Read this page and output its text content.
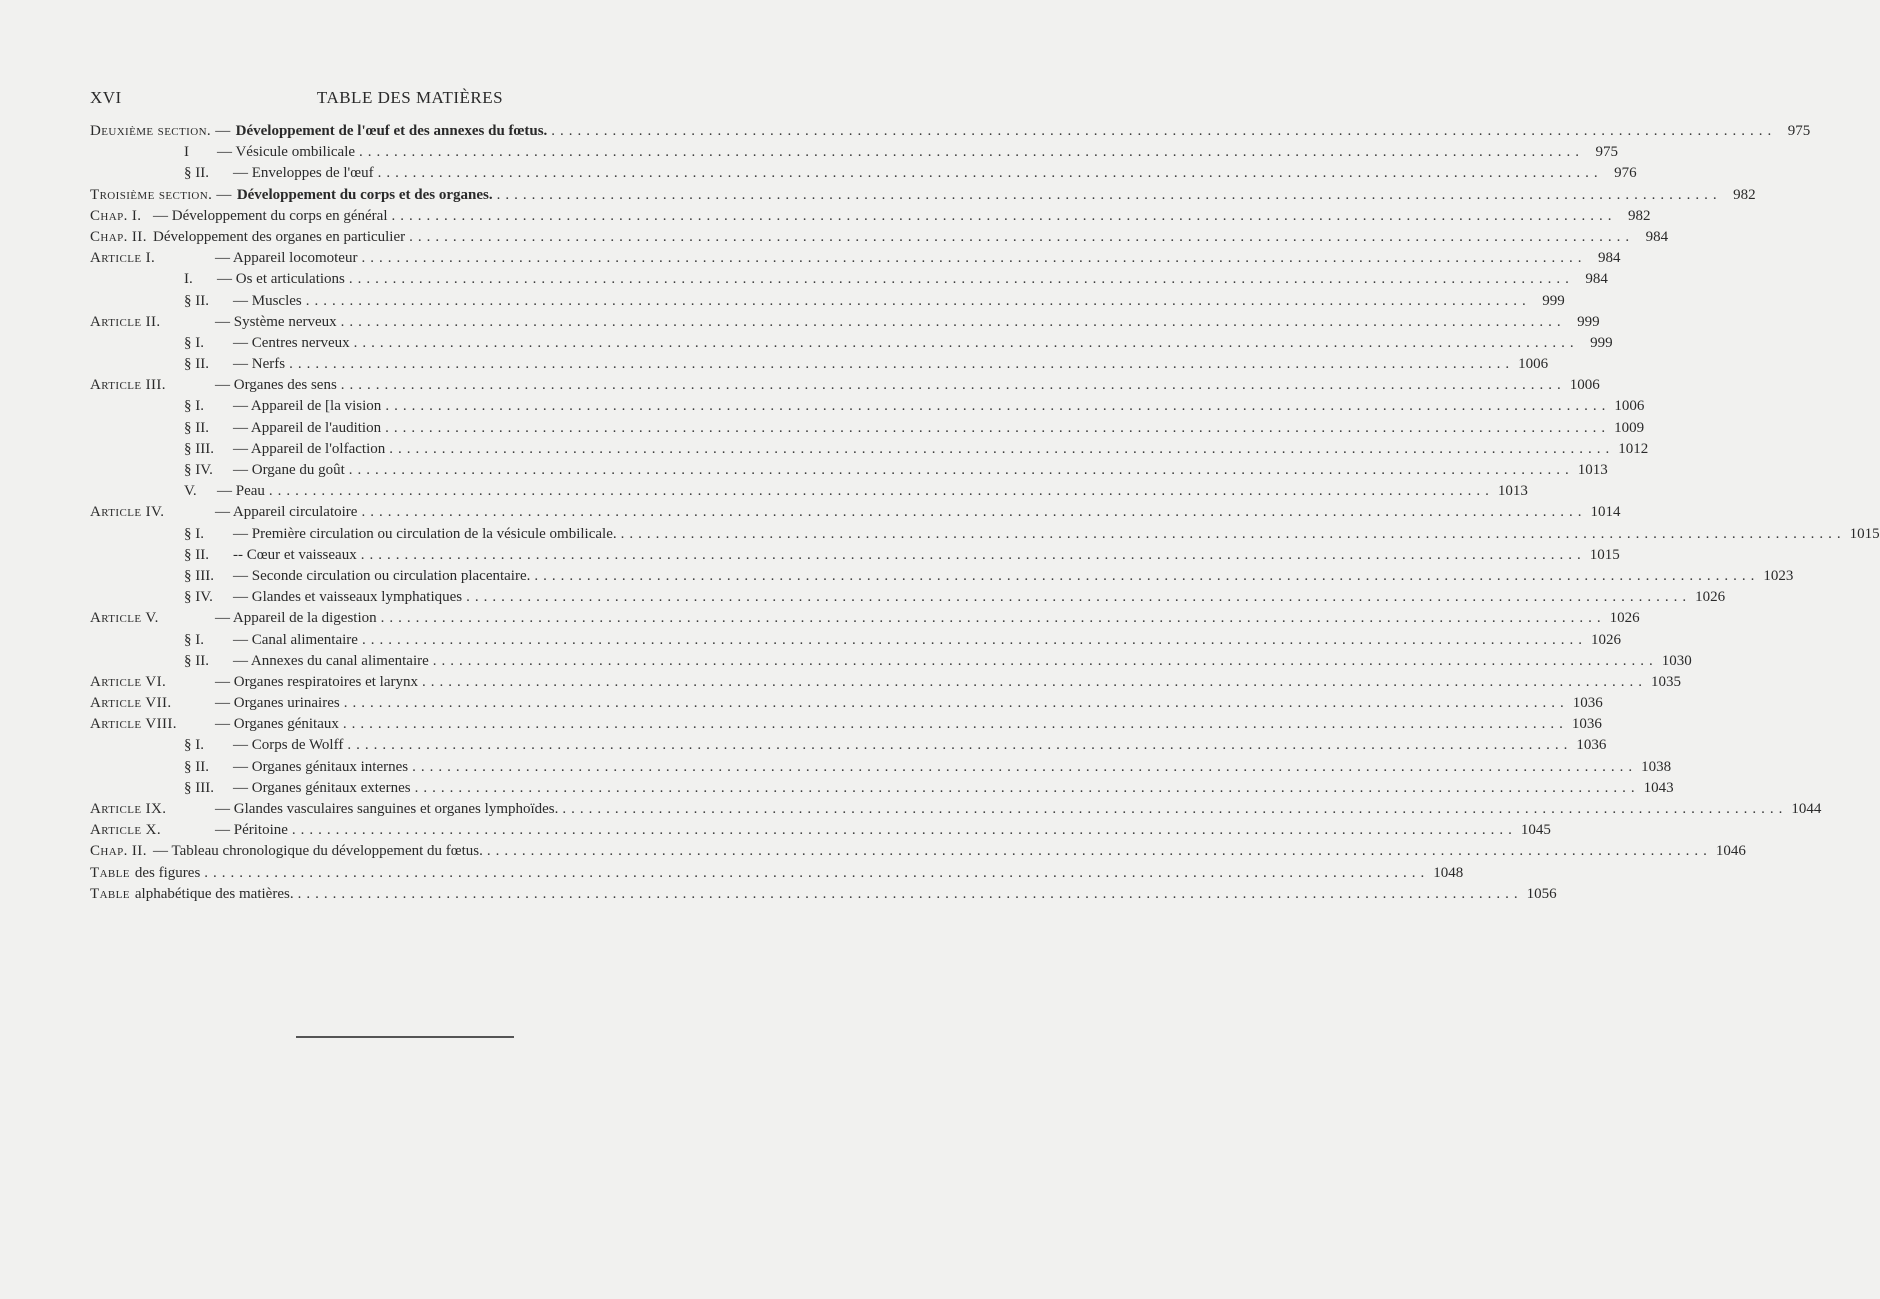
XVI	TABLE DES MATIÈRES
Deuxième section. — Développement de l'œuf et des annexes du fœtus. ............................................................................................................................................ 975
I	— Vésicule ombilicale ............................................................................................................................................ 975
§ II.	— Enveloppes de l'œuf ............................................................................................................................................ 976
Troisième section. — Développement du corps et des organes. ............................................................................................................................................ 982
Chap. I. — Développement du corps en général ............................................................................................................................................ 982
Chap. II. Développement des organes en particulier ............................................................................................................................................ 984
Article I.	— Appareil locomoteur ............................................................................................................................................ 984
I.	— Os et articulations ............................................................................................................................................ 984
§ II.	— Muscles ............................................................................................................................................ 999
Article II.	— Système nerveux ............................................................................................................................................ 999
§ I.	— Centres nerveux ............................................................................................................................................ 999
§ II.	— Nerfs ............................................................................................................................................ 1006
Article III.	— Organes des sens ............................................................................................................................................ 1006
§ I.	— Appareil de [la vision ............................................................................................................................................ 1006
§ II.	— Appareil de l'audition ............................................................................................................................................ 1009
§ III.	— Appareil de l'olfaction ............................................................................................................................................ 1012
§ IV.	— Organe du goût ............................................................................................................................................ 1013
V.	— Peau ............................................................................................................................................ 1013
Article IV.	— Appareil circulatoire ............................................................................................................................................ 1014
§ I.	— Première circulation ou circulation de la vésicule ombilicale. ............................................................................................................................................ 1015
§ II.	-- Cœur et vaisseaux ............................................................................................................................................ 1015
§ III.	— Seconde circulation ou circulation placentaire. ............................................................................................................................................ 1023
§ IV.	— Glandes et vaisseaux lymphatiques ............................................................................................................................................ 1026
Article V.	— Appareil de la digestion ............................................................................................................................................ 1026
§ I.	— Canal alimentaire ............................................................................................................................................ 1026
§ II.	— Annexes du canal alimentaire ............................................................................................................................................ 1030
Article VI.	— Organes respiratoires et larynx ............................................................................................................................................ 1035
Article VII.	— Organes urinaires ............................................................................................................................................ 1036
Article VIII.	— Organes génitaux ............................................................................................................................................ 1036
§ I.	— Corps de Wolff ............................................................................................................................................ 1036
§ II.	— Organes génitaux internes ............................................................................................................................................ 1038
§ III.	— Organes génitaux externes ............................................................................................................................................ 1043
Article IX.	— Glandes vasculaires sanguines et organes lymphoïdes. ............................................................................................................................................ 1044
Article X.	— Péritoine ............................................................................................................................................ 1045
Chap. II. — Tableau chronologique du développement du fœtus. ............................................................................................................................................ 1046
Table des figures ............................................................................................................................................ 1048
Table alphabétique des matières. ............................................................................................................................................ 1056
